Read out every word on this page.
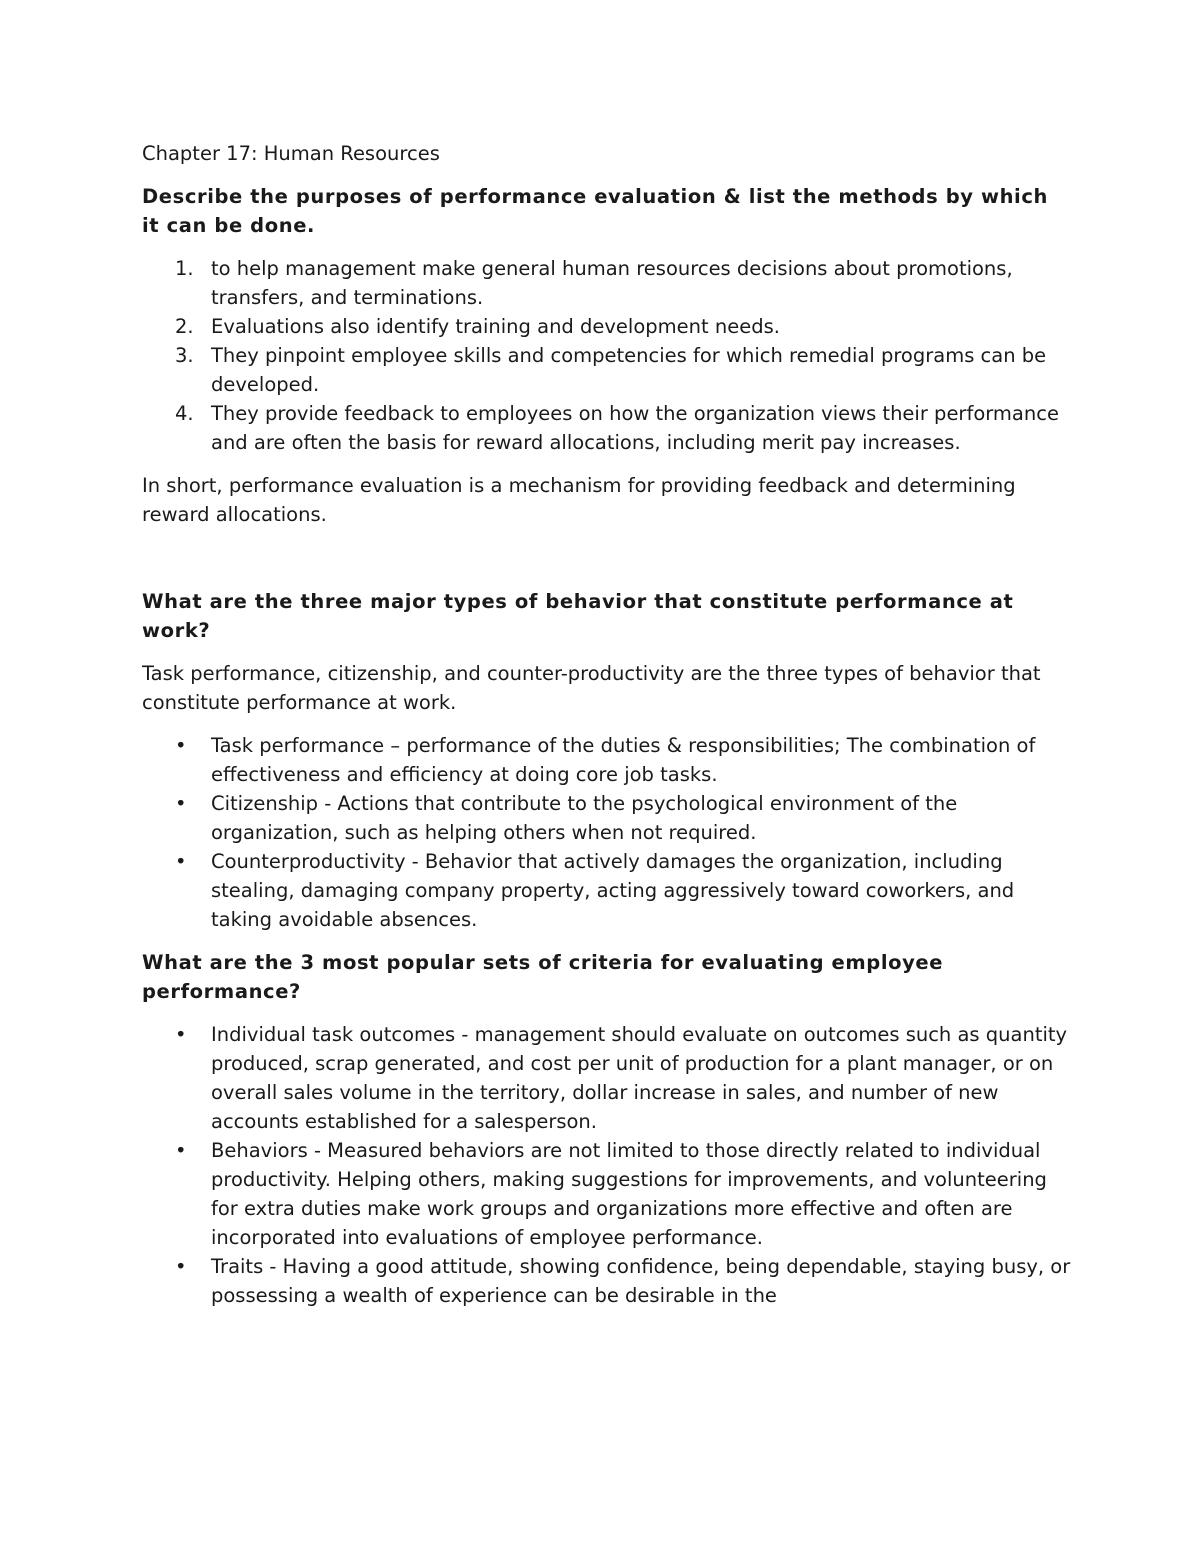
Chapter 17: Human Resources
Describe the purposes of performance evaluation & list the methods by which it can be done.
1. to help management make general human resources decisions about promotions, transfers, and terminations.
2. Evaluations also identify training and development needs.
3. They pinpoint employee skills and competencies for which remedial programs can be developed.
4. They provide feedback to employees on how the organization views their performance and are often the basis for reward allocations, including merit pay increases.

In short, performance evaluation is a mechanism for providing feedback and determining reward allocations.

What are the three major types of behavior that constitute performance at work?

Task performance, citizenship, and counter-productivity are the three types of behavior that constitute performance at work.

• Task performance – performance of the duties & responsibilities; The combination of effectiveness and efficiency at doing core job tasks.
• Citizenship - Actions that contribute to the psychological environment of the organization, such as helping others when not required.
• Counterproductivity - Behavior that actively damages the organization, including stealing, damaging company property, acting aggressively toward coworkers, and taking avoidable absences.
What are the 3 most popular sets of criteria for evaluating employee performance?
• Individual task outcomes - management should evaluate on outcomes such as quantity produced, scrap generated, and cost per unit of production for a plant manager, or on overall sales volume in the territory, dollar increase in sales, and number of new accounts established for a salesperson.
• Behaviors - Measured behaviors are not limited to those directly related to individual productivity. Helping others, making suggestions for improvements, and volunteering for extra duties make work groups and organizations more effective and often are incorporated into evaluations of employee performance.
• Traits - Having a good attitude, showing confidence, being dependable, staying busy, or possessing a wealth of experience can be desirable in the
